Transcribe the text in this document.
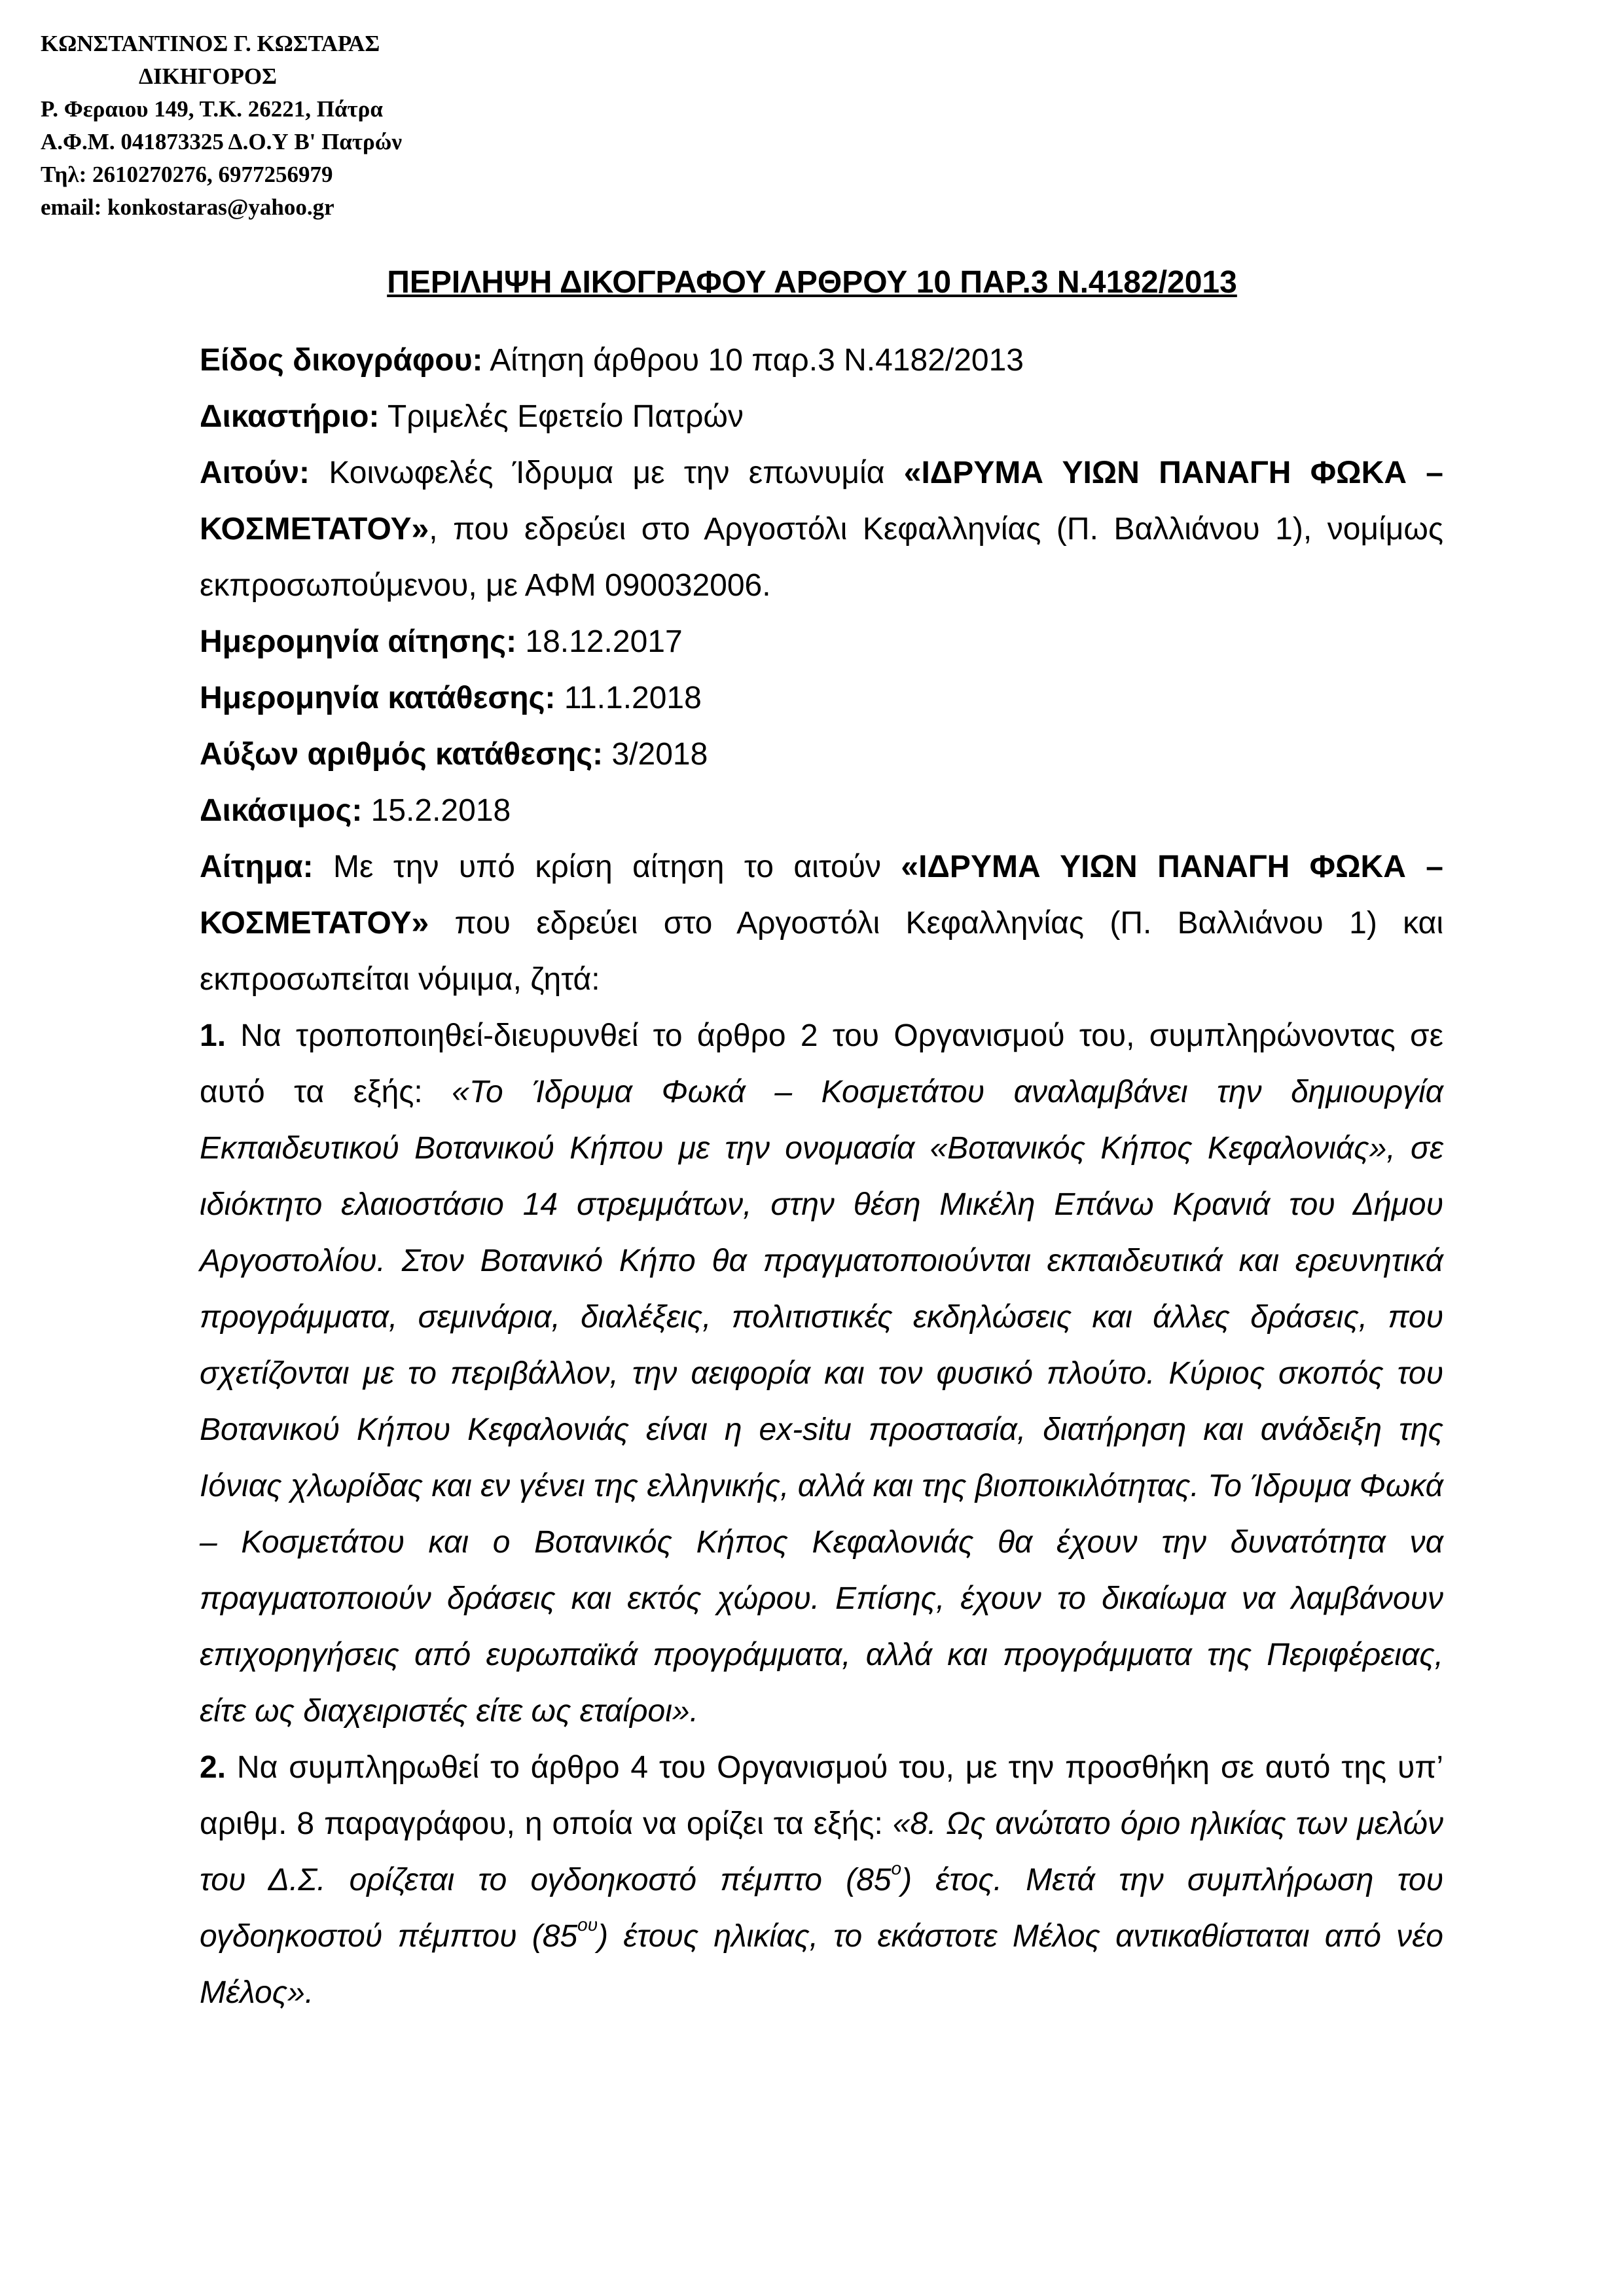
ΚΩΝΣΤΑΝΤΙΝΟΣ Γ. ΚΩΣΤΑΡΑΣ
ΔΙΚΗΓΟΡΟΣ
Ρ. Φεραιου 149, Τ.Κ. 26221, Πάτρα
Α.Φ.Μ. 041873325 Δ.Ο.Υ Β' Πατρών
Τηλ: 2610270276, 6977256979
email: konkostaras@yahoo.gr
ΠΕΡΙΛΗΨΗ ΔΙΚΟΓΡΑΦΟΥ ΑΡΘΡΟΥ 10 ΠΑΡ.3 Ν.4182/2013

Είδος δικογράφου: Αίτηση άρθρου 10 παρ.3 Ν.4182/2013

Δικαστήριο: Τριμελές Εφετείο Πατρών

Αιτούν: Κοινωφελές Ίδρυμα με την επωνυμία «ΙΔΡΥΜΑ ΥΙΩΝ ΠΑΝΑΓΗ ΦΩΚΑ – ΚΟΣΜΕΤΑΤΟΥ», που εδρεύει στο Αργοστόλι Κεφαλληνίας (Π. Βαλλιάνου 1), νομίμως εκπροσωπούμενου, με ΑΦΜ 090032006.

Ημερομηνία αίτησης: 18.12.2017

Ημερομηνία κατάθεσης: 11.1.2018

Αύξων αριθμός κατάθεσης: 3/2018

Δικάσιμος: 15.2.2018

Αίτημα: Με την υπό κρίση αίτηση το αιτούν «ΙΔΡΥΜΑ ΥΙΩΝ ΠΑΝΑΓΗ ΦΩΚΑ – ΚΟΣΜΕΤΑΤΟΥ» που εδρεύει στο Αργοστόλι Κεφαλληνίας (Π. Βαλλιάνου 1) και εκπροσωπείται νόμιμα, ζητά:

1. Να τροποποιηθεί-διευρυνθεί το άρθρο 2 του Οργανισμού του, συμπληρώνοντας σε αυτό τα εξής: «Το Ίδρυμα Φωκά – Κοσμετάτου αναλαμβάνει την δημιουργία Εκπαιδευτικού Βοτανικού Κήπου με την ονομασία «Βοτανικός Κήπος Κεφαλονιάς», σε ιδιόκτητο ελαιοστάσιο 14 στρεμμάτων, στην θέση Μικέλη Επάνω Κρανιά του Δήμου Αργοστολίου. Στον Βοτανικό Κήπο θα πραγματοποιούνται εκπαιδευτικά και ερευνητικά προγράμματα, σεμινάρια, διαλέξεις, πολιτιστικές εκδηλώσεις και άλλες δράσεις, που σχετίζονται με το περιβάλλον, την αειφορία και τον φυσικό πλούτο. Κύριος σκοπός του Βοτανικού Κήπου Κεφαλονιάς είναι η ex-situ προστασία, διατήρηση και ανάδειξη της Ιόνιας χλωρίδας και εν γένει της ελληνικής, αλλά και της βιοποικιλότητας. Το Ίδρυμα Φωκά – Κοσμετάτου και ο Βοτανικός Κήπος Κεφαλονιάς θα έχουν την δυνατότητα να πραγματοποιούν δράσεις και εκτός χώρου. Επίσης, έχουν το δικαίωμα να λαμβάνουν επιχορηγήσεις από ευρωπαϊκά προγράμματα, αλλά και προγράμματα της Περιφέρειας, είτε ως διαχειριστές είτε ως εταίροι».

2. Να συμπληρωθεί το άρθρο 4 του Οργανισμού του, με την προσθήκη σε αυτό της υπ’ αριθμ. 8 παραγράφου, η οποία να ορίζει τα εξής: «8. Ως ανώτατο όριο ηλικίας των μελών του Δ.Σ. ορίζεται το ογδοηκοστό πέμπτο $(85^o)$ έτος. Μετά την συμπλήρωση του ογδοηκοστού πέμπτου $(85^{o\upsilon})$ έτους ηλικίας, το εκάστοτε Μέλος αντικαθίσταται από νέο Μέλος».
